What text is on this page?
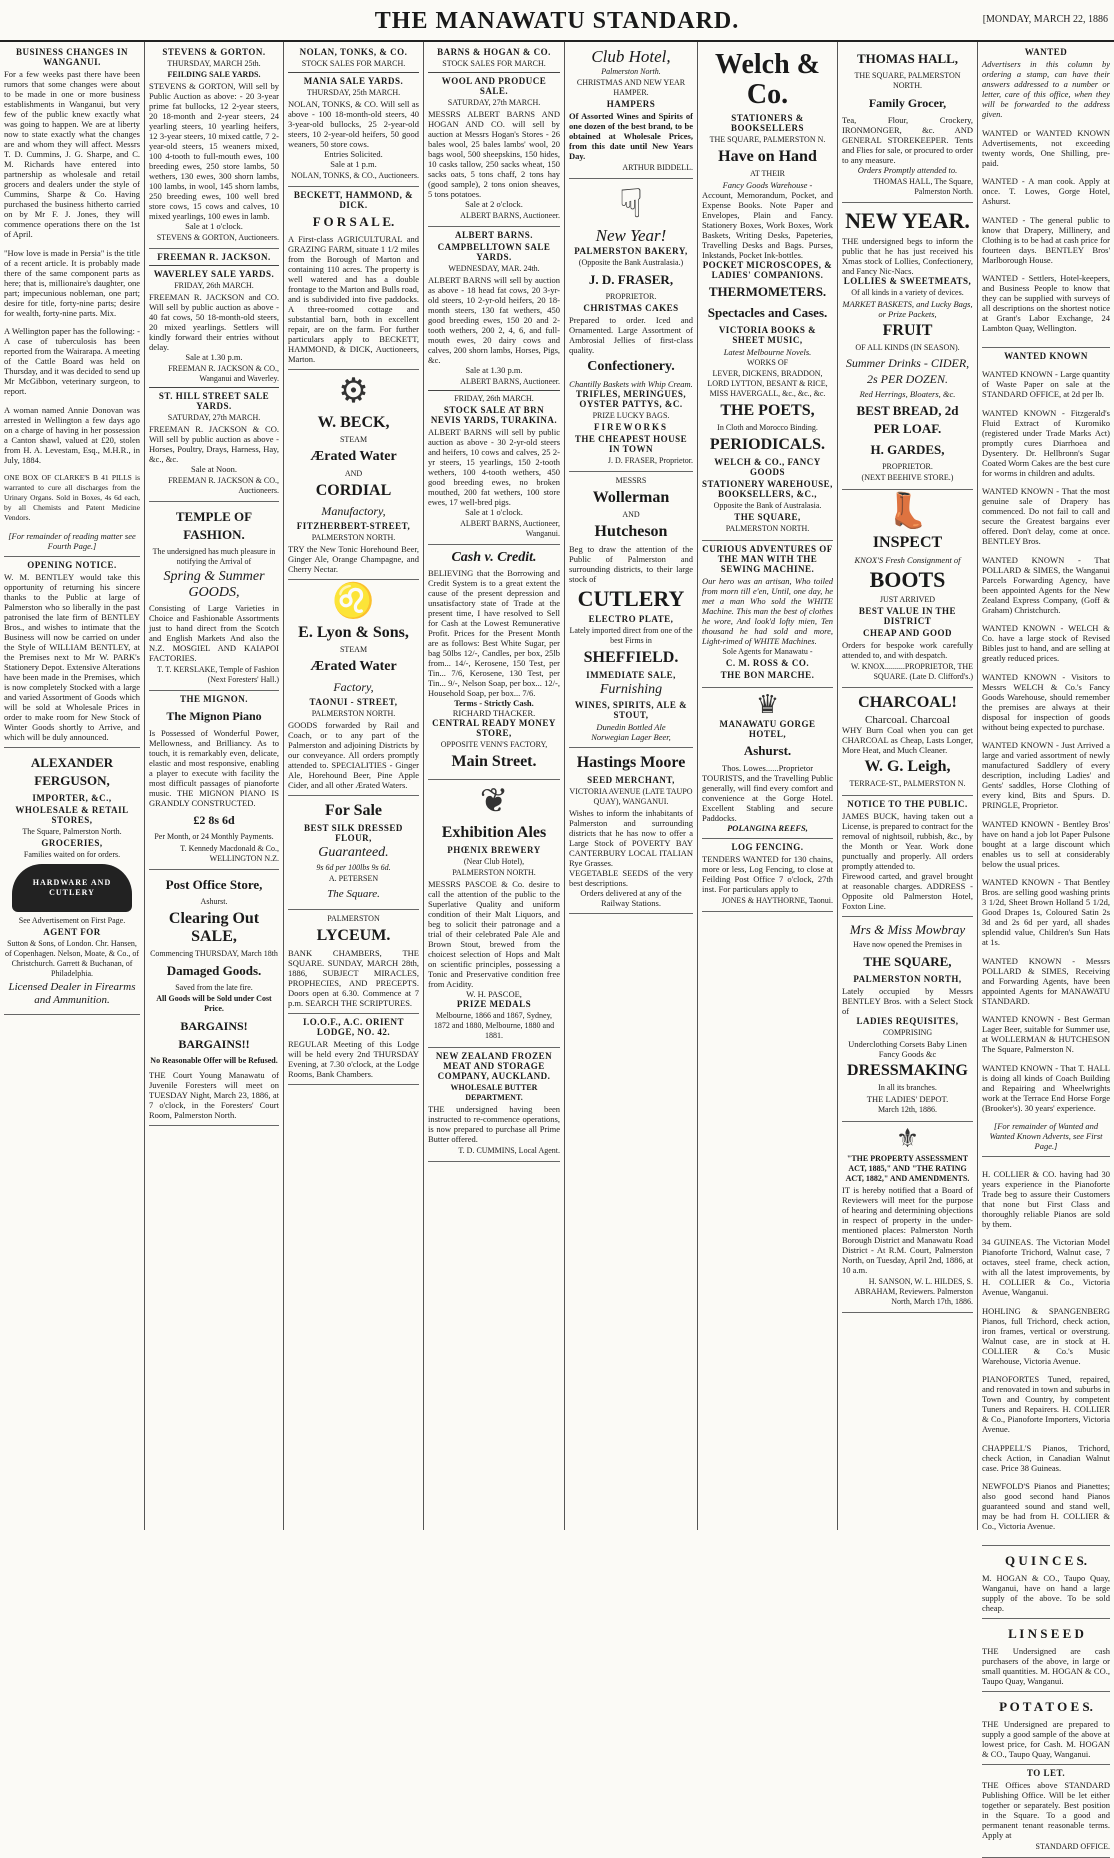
THE MANAWATU STANDARD.	[MONDAY, MARCH 22, 1886
BUSINESS CHANGES IN WANGANUI.
For a few weeks past there have been rumors that some changes were about to be made in one or more business establishments in Wanganui, but very few of the public knew exactly what was going to happen. We are at liberty now to state exactly what the changes are and whom they will affect. Messrs T. D. Cummins, J. G. Sharpe, and C. M. Richards have entered into partnership as wholesale and retail grocers and dealers under the style of Cummins, Sharpe & Co. Having purchased the business hitherto carried on by Mr F. J. Jones, they will commence operations there on the 1st of April.

"How love is made in Persia" is the title of a recent article. It is probably made there of the same component parts as here; that is, millionaire's daughter, one part; impecunious nobleman, one part; desire for title, forty-nine parts; desire for wealth, forty-nine parts. Mix.

A Wellington paper has the following: - A case of tuberculosis has been reported from the Wairarapa. A meeting of the Cattle Board was held on Thursday, and it was decided to send up Mr McGibbon, veterinary surgeon, to report.

A woman named Annie Donovan was arrested in Wellington a few days ago on a charge of having in her possession a Canton shawl, valued at £20, stolen from H. A. Levestam, Esq., M.H.R., in July, 1884.

ONE BOX OF CLARKE'S B 41 PILLS is warranted to cure all discharges from the Urinary Organs. Sold in Boxes, 4s 6d each, by all Chemists and Patent Medicine Vendors.

[For remainder of reading matter see Fourth Page.]
OPENING NOTICE.
W. M. BENTLEY would take this opportunity of returning his sincere thanks to the Public at large of Palmerston who so liberally in the past patronised the late firm of BENTLEY Bros., and wishes to intimate that the Business will now be carried on under the Style of WILLIAM BENTLEY, at the Premises next to Mr W. PARK's Stationery Depot. Extensive Alterations have been made in the Premises, which is now completely Stocked with a large and varied Assortment of Goods which will be sold at Wholesale Prices in order to make room for New Stock of Winter Goods shortly to Arrive, and which will be duly announced.
ALEXANDER FERGUSON,
IMPORTER, &C.,
WHOLESALE & RETAIL STORES,
The Square, Palmerston North.
GROCERIES,
Families waited on for orders.
HARDWARE AND CUTLERY
See Advertisement on First Page.
AGENT FOR
Sutton & Sons, of London. Chr. Hansen, of Copenhagen. Nelson, Moate, & Co., of Christchurch. Garrett & Buchanan, of Philadelphia.
Licensed Dealer in Firearms and Ammunition.
STEVENS & GORTON.
THURSDAY, MARCH 25th.
FEILDING SALE YARDS.
STEVENS & GORTON, Will sell by Public Auction as above: - 20 3-year prime fat bullocks, 12 2-year steers, 20 18-month and 2-year steers, 24 yearling steers, 10 yearling heifers, 12 3-year steers, 10 mixed cattle, 7 2-year-old steers, 15 weaners mixed, 100 4-tooth to full-mouth ewes, 100 breeding ewes, 250 store lambs, 50 wethers, 130 ewes, 300 shorn lambs, 100 lambs, in wool, 145 shorn lambs, 250 breeding ewes, 100 well bred store cows, 15 cows and calves, 10 mixed yearlings, 100 ewes in lamb.
Sale at 1 o'clock.
STEVENS & GORTON, Auctioneers.
FREEMAN R. JACKSON.
WAVERLEY SALE YARDS.
FRIDAY, 26th MARCH.
FREEMAN R. JACKSON and CO. Will sell by public auction as above - 40 fat cows, 50 18-month-old steers, 20 mixed yearlings. Settlers will kindly forward their entries without delay.
Sale at 1.30 p.m.
FREEMAN R. JACKSON & CO., Wanganui and Waverley.
ST. HILL STREET SALE YARDS.
SATURDAY, 27th MARCH.
FREEMAN R. JACKSON & CO. Will sell by public auction as above - Horses, Poultry, Drays, Harness, Hay, &c., &c.
Sale at Noon.
FREEMAN R. JACKSON & CO., Auctioneers.
TEMPLE OF FASHION.
The undersigned has much pleasure in notifying the Arrival of
Spring & Summer GOODS,
Consisting of Large Varieties in Choice and Fashionable Assortments just to hand direct from the Scotch and English Markets And also the N.Z. MOSGIEL AND KAIAPOI FACTORIES.
T. T. KERSLAKE, Temple of Fashion (Next Foresters' Hall.)
THE MIGNON.
The Mignon Piano
Is Possessed of Wonderful Power, Mellowness, and Brilliancy. As to touch, it is remarkably even, delicate, elastic and most responsive, enabling a player to execute with facility the most difficult passages of pianoforte music. THE MIGNON PIANO IS GRANDLY CONSTRUCTED.
£2 8s 6d
Per Month, or 24 Monthly Payments.
T. Kennedy Macdonald & Co., WELLINGTON N.Z.
Post Office Store,
Ashurst.
Clearing Out SALE,
Commencing THURSDAY, March 18th
Damaged Goods.
Saved from the late fire.
All Goods will be Sold under Cost Price.
BARGAINS! BARGAINS!!
No Reasonable Offer will be Refused.
THE Court Young Manawatu of Juvenile Foresters will meet on TUESDAY Night, March 23, 1886, at 7 o'clock, in the Foresters' Court Room, Palmerston North.
NOLAN, TONKS, & CO.
STOCK SALES FOR MARCH.
MANIA SALE YARDS.
THURSDAY, 25th MARCH.
NOLAN, TONKS, & CO. Will sell as above - 100 18-month-old steers, 40 3-year-old bullocks, 25 2-year-old steers, 10 2-year-old heifers, 50 good weaners, 50 store cows.
Entries Solicited.
Sale at 1 p.m.
NOLAN, TONKS, & CO., Auctioneers.
BECKETT, HAMMOND, & DICK.
F O R S A L E.
A First-class AGRICULTURAL and GRAZING FARM, situate 1 1/2 miles from the Borough of Marton and containing 110 acres. The property is well watered and has a double frontage to the Marton and Bulls road, and is subdivided into five paddocks. A three-roomed cottage and substantial barn, both in excellent repair, are on the farm. For further particulars apply to BECKETT, HAMMOND, & DICK, Auctioneers, Marton.
⚙
W. BECK,
STEAM
Ærated Water
AND
CORDIAL
Manufactory,
FITZHERBERT-STREET,
PALMERSTON NORTH.
TRY the New Tonic Horehound Beer, Ginger Ale, Orange Champagne, and Cherry Nectar.
♌
E. Lyon & Sons,
STEAM
Ærated Water
Factory,
TAONUI - STREET,
PALMERSTON NORTH.
GOODS forwarded by Rail and Coach, or to any part of the Palmerston and adjoining Districts by our conveyance. All orders promptly attended to. SPECIALITIES - Ginger Ale, Horehound Beer, Pine Apple Cider, and all other Ærated Waters.
For Sale
BEST SILK DRESSED FLOUR,
Guaranteed.
9s 6d per 100lbs 9s 6d.
A. PETERSEN
The Square.
PALMERSTON
LYCEUM.
BANK CHAMBERS, THE SQUARE. SUNDAY, MARCH 28th, 1886, SUBJECT MIRACLES, PROPHECIES, AND PRECEPTS. Doors open at 6.30. Commence at 7 p.m. SEARCH THE SCRIPTURES.
I.O.O.F., A.C. ORIENT LODGE, NO. 42.
REGULAR Meeting of this Lodge will be held every 2nd THURSDAY Evening, at 7.30 o'clock, at the Lodge Rooms, Bank Chambers.
BARNS & HOGAN & CO.
STOCK SALES FOR MARCH.
WOOL AND PRODUCE SALE.
SATURDAY, 27th MARCH.
MESSRS ALBERT BARNS AND HOGAN AND CO. will sell by auction at Messrs Hogan's Stores - 26 bales wool, 25 bales lambs' wool, 20 bags wool, 500 sheepskins, 150 hides, 10 casks tallow, 250 sacks wheat, 150 sacks oats, 5 tons chaff, 2 tons hay (good sample), 2 tons onion sheaves, 5 tons potatoes.
Sale at 2 o'clock.
ALBERT BARNS, Auctioneer.
ALBERT BARNS.
CAMPBELLTOWN SALE YARDS.
WEDNESDAY, MAR. 24th.
ALBERT BARNS will sell by auction as above - 18 head fat cows, 20 3-yr-old steers, 10 2-yr-old heifers, 20 18-month steers, 130 fat wethers, 450 good breeding ewes, 150 20 and 2-tooth wethers, 200 2, 4, 6, and full-mouth ewes, 20 dairy cows and calves, 200 shorn lambs, Horses, Pigs, &c.
Sale at 1.30 p.m.
ALBERT BARNS, Auctioneer.
FRIDAY, 26th MARCH.
STOCK SALE AT BRN NEVIS YARDS, TURAKINA.
ALBERT BARNS will sell by public auction as above - 30 2-yr-old steers and heifers, 10 cows and calves, 25 2-yr steers, 15 yearlings, 150 2-tooth wethers, 100 4-tooth wethers, 450 good breeding ewes, no broken mouthed, 200 fat wethers, 100 store ewes, 17 well-bred pigs.
Sale at 1 o'clock.
ALBERT BARNS, Auctioneer, Wanganui.
Cash v. Credit.
BELIEVING that the Borrowing and Credit System is to a great extent the cause of the present depression and unsatisfactory state of Trade at the present time, I have resolved to Sell for Cash at the Lowest Remunerative Profit. Prices for the Present Month are as follows: Best White Sugar, per bag 50lbs 12/-, Candles, per box, 25lb from... 14/-, Kerosene, 150 Test, per Tin... 7/6, Kerosene, 130 Test, per Tin... 9/-, Nelson Soap, per box... 12/-, Household Soap, per box... 7/6.
Terms - Strictly Cash.
RICHARD THACKER.
CENTRAL READY MONEY STORE,
OPPOSITE VENN'S FACTORY,
Main Street.
❦
Exhibition Ales
PHŒNIX BREWERY
(Near Club Hotel),
PALMERSTON NORTH.
MESSRS PASCOE & Co. desire to call the attention of the public to the Superlative Quality and uniform condition of their Malt Liquors, and beg to solicit their patronage and a trial of their celebrated Pale Ale and Brown Stout, brewed from the choicest selection of Hops and Malt on scientific principles, possessing a Tonic and Preservative condition free from Acidity.
W. H. PASCOE,
PRIZE MEDALS
Melbourne, 1866 and 1867, Sydney, 1872 and 1880, Melbourne, 1880 and 1881.
NEW ZEALAND FROZEN MEAT AND STORAGE COMPANY, AUCKLAND.
WHOLESALE BUTTER DEPARTMENT.
THE undersigned having been instructed to re-commence operations, is now prepared to purchase all Prime Butter offered.
T. D. CUMMINS, Local Agent.
Club Hotel,
Palmerston North.
CHRISTMAS AND NEW YEAR HAMPER.
HAMPERS
Of Assorted Wines and Spirits of one dozen of the best brand, to be obtained at Wholesale Prices, from this date until New Years Day.
ARTHUR BIDDELL.
☟
New Year!
PALMERSTON BAKERY,
(Opposite the Bank Australasia.)
J. D. FRASER,
PROPRIETOR.
CHRISTMAS CAKES
Prepared to order. Iced and Ornamented. Large Assortment of Ambrosial Jellies of first-class quality.
Confectionery.
Chantilly Baskets with Whip Cream.
TRIFLES, MERINGUES, OYSTER PATTYS, &C.
PRIZE LUCKY BAGS.
FIREWORKS
THE CHEAPEST HOUSE IN TOWN
J. D. FRASER, Proprietor.
MESSRS
Wollerman
AND
Hutcheson
Beg to draw the attention of the Public of Palmerston and surrounding districts, to their large stock of
CUTLERY
ELECTRO PLATE,
Lately imported direct from one of the best Firms in
SHEFFIELD.
IMMEDIATE SALE,
Furnishing
WINES, SPIRITS, ALE & STOUT,
Dunedin Bottled Ale
Norwegian Lager Beer,
Hastings Moore
SEED MERCHANT,
VICTORIA AVENUE (LATE TAUPO QUAY), WANGANUI.
Wishes to inform the inhabitants of Palmerston and surrounding districts that he has now to offer a Large Stock of POVERTY BAY CANTERBURY LOCAL ITALIAN Rye Grasses.
VEGETABLE SEEDS of the very best descriptions.
Orders delivered at any of the Railway Stations.
Welch & Co.
STATIONERS & BOOKSELLERS
THE SQUARE, PALMERSTON N.
Have on Hand
AT THEIR
Fancy Goods Warehouse -
Account, Memorandum, Pocket, and Expense Books. Note Paper and Envelopes, Plain and Fancy. Stationery Boxes, Work Boxes, Work Baskets, Writing Desks, Papeteries, Travelling Desks and Bags. Purses, Inkstands, Pocket Ink-bottles.
POCKET MICROSCOPES, & LADIES' COMPANIONS.
THERMOMETERS.
Spectacles and Cases.
VICTORIA BOOKS & SHEET MUSIC,
Latest Melbourne Novels.
WORKS OF
LEVER, DICKENS, BRADDON, LORD LYTTON, BESANT & RICE, MISS HAVERGALL, &c., &c., &c.
THE POETS,
In Cloth and Morocco Binding.
PERIODICALS.
WELCH & CO., FANCY GOODS
STATIONERY WAREHOUSE, BOOKSELLERS, &C.,
Opposite the Bank of Australasia.
THE SQUARE,
PALMERSTON NORTH.
CURIOUS ADVENTURES OF THE MAN WITH THE SEWING MACHINE.
Our hero was an artisan, Who toiled from morn till e'en, Until, one day, he met a man Who sold the WHITE Machine. This man the best of clothes he wore, And look'd lofty mien, Ten thousand he had sold and more, Light-rimed of WHITE Machines.
Sole Agents for Manawatu -
C. M. ROSS & CO.
THE BON MARCHE.
♛
MANAWATU GORGE HOTEL,
Ashurst.
Thos. Lowes......Proprietor
TOURISTS, and the Travelling Public generally, will find every comfort and convenience at the Gorge Hotel. Excellent Stabling and secure Paddocks.
POLANGINA REEFS,
LOG FENCING.
TENDERS WANTED for 130 chains, more or less, Log Fencing, to close at Feilding Post Office 7 o'clock, 27th inst. For particulars apply to
JONES & HAYTHORNE, Taonui.
THOMAS HALL,
THE SQUARE, PALMERSTON NORTH.
Family Grocer,
Tea, Flour, Crockery, IRONMONGER, &c. AND GENERAL STOREKEEPER. Tents and Flies for sale, or procured to order to any measure.
Orders Promptly attended to.
THOMAS HALL, The Square, Palmerston North.
NEW YEAR.
THE undersigned begs to inform the public that he has just received his Xmas stock of Lollies, Confectionery, and Fancy Nic-Nacs.
LOLLIES & SWEETMEATS,
Of all kinds in a variety of devices.
MARKET BASKETS, and Lucky Bags, or Prize Packets,
FRUIT
OF ALL KINDS (IN SEASON).
Summer Drinks - CIDER, 2s PER DOZEN.
Red Herrings, Bloaters, &c.
BEST BREAD, 2d PER LOAF.
H. GARDES,
PROPRIETOR.
(NEXT BEEHIVE STORE.)
👢
INSPECT
KNOX'S Fresh Consignment of
BOOTS
JUST ARRIVED
BEST VALUE IN THE DISTRICT
CHEAP AND GOOD
Orders for bespoke work carefully attended to, and with despatch.
W. KNOX..........PROPRIETOR, THE SQUARE. (Late D. Clifford's.)
CHARCOAL!
Charcoal. Charcoal
WHY Burn Coal when you can get CHARCOAL as Cheap, Lasts Longer, More Heat, and Much Cleaner.
W. G. Leigh,
TERRACE-ST., PALMERSTON N.
NOTICE TO THE PUBLIC.
JAMES BUCK, having taken out a License, is prepared to contract for the removal of nightsoil, rubbish, &c., by the Month or Year. Work done punctually and properly. All orders promptly attended to.
Firewood carted, and gravel brought at reasonable charges. ADDRESS - Opposite old Palmerston Hotel, Foxton Line.
Mrs & Miss Mowbray
Have now opened the Premises in
THE SQUARE,
PALMERSTON NORTH,
Lately occupied by Messrs BENTLEY Bros. with a Select Stock of
LADIES REQUISITES,
COMPRISING
Underclothing Corsets Baby Linen Fancy Goods &c
DRESSMAKING
In all its branches.
THE LADIES' DEPOT.
March 12th, 1886.
⚜
"THE PROPERTY ASSESSMENT ACT, 1885," AND "THE RATING ACT, 1882," AND AMENDMENTS.
IT is hereby notified that a Board of Reviewers will meet for the purpose of hearing and determining objections in respect of property in the under-mentioned places: Palmerston North Borough District and Manawatu Road District - At R.M. Court, Palmerston North, on Tuesday, April 2nd, 1886, at 10 a.m.
H. SANSON, W. L. HILDES, S. ABRAHAM, Reviewers. Palmerston North, March 17th, 1886.
WANTED
Advertisers in this column by ordering a stamp, can have their answers addressed to a number or letter, care of this office, when they will be forwarded to the address given.

WANTED or WANTED KNOWN Advertisements, not exceeding twenty words, One Shilling, pre-paid.

WANTED - A man cook. Apply at once. T. Lowes, Gorge Hotel, Ashurst.

WANTED - The general public to know that Drapery, Millinery, and Clothing is to be had at cash price for fourteen days. BENTLEY Bros' Marlborough House.

WANTED - Settlers, Hotel-keepers, and Business People to know that they can be supplied with surveys of all descriptions on the shortest notice at Grant's Labor Exchange, 24 Lambton Quay, Wellington.

WANTED KNOWN

WANTED KNOWN - Large quantity of Waste Paper on sale at the STANDARD OFFICE, at 2d per lb.

WANTED KNOWN - Fitzgerald's Fluid Extract of Kuromiko (registered under Trade Marks Act) promptly cures Diarrhoea and Dysentery. Dr. Hellbronn's Sugar Coated Worm Cakes are the best cure for worms in children and adults.

WANTED KNOWN - That the most genuine sale of Drapery has commenced. Do not fail to call and secure the Greatest bargains ever offered. Don't delay, come at once. BENTLEY Bros.

WANTED KNOWN - That POLLARD & SIMES, the Wanganui Parcels Forwarding Agency, have been appointed Agents for the New Zealand Express Company, (Goff & Graham) Christchurch.

WANTED KNOWN - WELCH & Co. have a large stock of Revised Bibles just to hand, and are selling at greatly reduced prices.

WANTED KNOWN - Visitors to Messrs WELCH & Co.'s Fancy Goods Warehouse, should remember the premises are always at their disposal for inspection of goods without being expected to purchase.

WANTED KNOWN - Just Arrived a large and varied assortment of newly manufactured Saddlery of every description, including Ladies' and Gents' saddles, Horse Clothing of every kind, Bits and Spurs. D. PRINGLE, Proprietor.

WANTED KNOWN - Bentley Bros' have on hand a job lot Paper Pulsone bought at a large discount which enables us to sell at considerably below the usual prices.

WANTED KNOWN - That Bentley Bros. are selling good washing prints 3 1/2d, Sheet Brown Holland 5 1/2d, Good Drapes 1s, Coloured Satin 2s 3d and 2s 6d per yard, all shades splendid value, Children's Sun Hats at 1s.

WANTED KNOWN - Messrs POLLARD & SIMES, Receiving and Forwarding Agents, have been appointed Agents for MANAWATU STANDARD.

WANTED KNOWN - Best German Lager Beer, suitable for Summer use, at WOLLERMAN & HUTCHESON The Square, Palmerston N.

WANTED KNOWN - That T. HALL is doing all kinds of Coach Building and Repairing and Wheelwrights work at the Terrace End Horse Forge (Brooker's). 30 years' experience.

[For remainder of Wanted and Wanted Known Adverts, see First Page.]

H. COLLIER & CO. having had 30 years experience in the Pianoforte Trade beg to assure their Customers that none but First Class and thoroughly reliable Pianos are sold by them.

34 GUINEAS. The Victorian Model Pianoforte Trichord, Walnut case, 7 octaves, steel frame, check action, with all the latest improvements, by H. COLLIER & Co., Victoria Avenue, Wanganui.

HOHLING & SPANGENBERG Pianos, full Trichord, check action, iron frames, vertical or overstrung. Walnut case, are in stock at H. COLLIER & Co.'s Music Warehouse, Victoria Avenue.

PIANOFORTES Tuned, repaired, and renovated in town and suburbs in Town and Country, by competent Tuners and Repairers. H. COLLIER & Co., Pianoforte Importers, Victoria Avenue.

CHAPPELL'S Pianos, Trichord, check Action, in Canadian Walnut case. Price 38 Guineas.

NEWFOLD'S Pianos and Pianettes; also good second hand Pianos guaranteed sound and stand well, may be had from H. COLLIER & Co., Victoria Avenue.

Q U I N C E S.
M. HOGAN & CO., Taupo Quay, Wanganui, have on hand a large supply of the above. To be sold cheap.
L I N S E E D
THE Undersigned are cash purchasers of the above, in large or small quantities. M. HOGAN & CO., Taupo Quay, Wanganui.
P O T A T O E S.
THE Undersigned are prepared to supply a good sample of the above at lowest price, for Cash. M. HOGAN & CO., Taupo Quay, Wanganui.
TO LET.
THE Offices above STANDARD Publishing Office. Will be let either together or separately. Best position in the Square. To a good and permanent tenant reasonable terms. Apply at
STANDARD OFFICE.
